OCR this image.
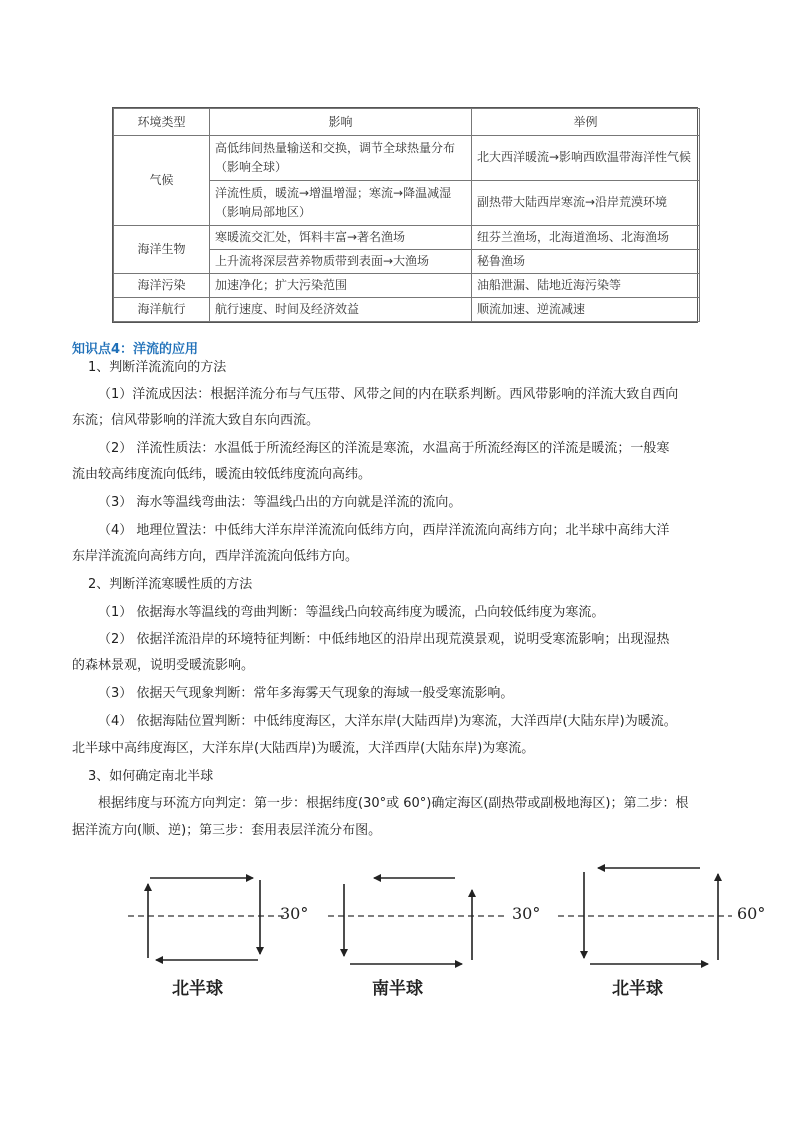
环境类型	影响	举例
气候	高低纬间热量输送和交换，调节全球热量分布（影响全球）	北大西洋暖流→影响西欧温带海洋性气候
	洋流性质，暖流→增温增湿；寒流→降温减湿（影响局部地区）	副热带大陆西岸寒流→沿岸荒漠环境
海洋生物	寒暖流交汇处，饵料丰富→著名渔场	纽芬兰渔场，北海道渔场、北海渔场
	上升流将深层营养物质带到表面→大渔场	秘鲁渔场
海洋污染	加速净化；扩大污染范围	油船泄漏、陆地近海污染等
海洋航行	航行速度、时间及经济效益	顺流加速、逆流减速
知识点4：洋流的应用
1、判断洋流流向的方法
（1）洋流成因法：根据洋流分布与气压带、风带之间的内在联系判断。西风带影响的洋流大致自西向
东流；信风带影响的洋流大致自东向西流。
（2） 洋流性质法：水温低于所流经海区的洋流是寒流，水温高于所流经海区的洋流是暖流；一般寒
流由较高纬度流向低纬，暖流由较低纬度流向高纬。
（3） 海水等温线弯曲法：等温线凸出的方向就是洋流的流向。
（4） 地理位置法：中低纬大洋东岸洋流流向低纬方向，西岸洋流流向高纬方向；北半球中高纬大洋
东岸洋流流向高纬方向，西岸洋流流向低纬方向。
2、判断洋流寒暖性质的方法
（1） 依据海水等温线的弯曲判断：等温线凸向较高纬度为暖流，凸向较低纬度为寒流。
（2） 依据洋流沿岸的环境特征判断：中低纬地区的沿岸出现荒漠景观，说明受寒流影响；出现湿热
的森林景观，说明受暖流影响。
（3） 依据天气现象判断：常年多海雾天气现象的海域一般受寒流影响。
（4） 依据海陆位置判断：中低纬度海区，大洋东岸(大陆西岸)为寒流，大洋西岸(大陆东岸)为暖流。
北半球中高纬度海区，大洋东岸(大陆西岸)为暖流，大洋西岸(大陆东岸)为寒流。
3、如何确定南北半球
根据纬度与环流方向判定：第一步：根据纬度(30°或 60°)确定海区(副热带或副极地海区)；第二步：根
据洋流方向(顺、逆)；第三步：套用表层洋流分布图。
30°	30°	60°
北半球	南半球	北半球
